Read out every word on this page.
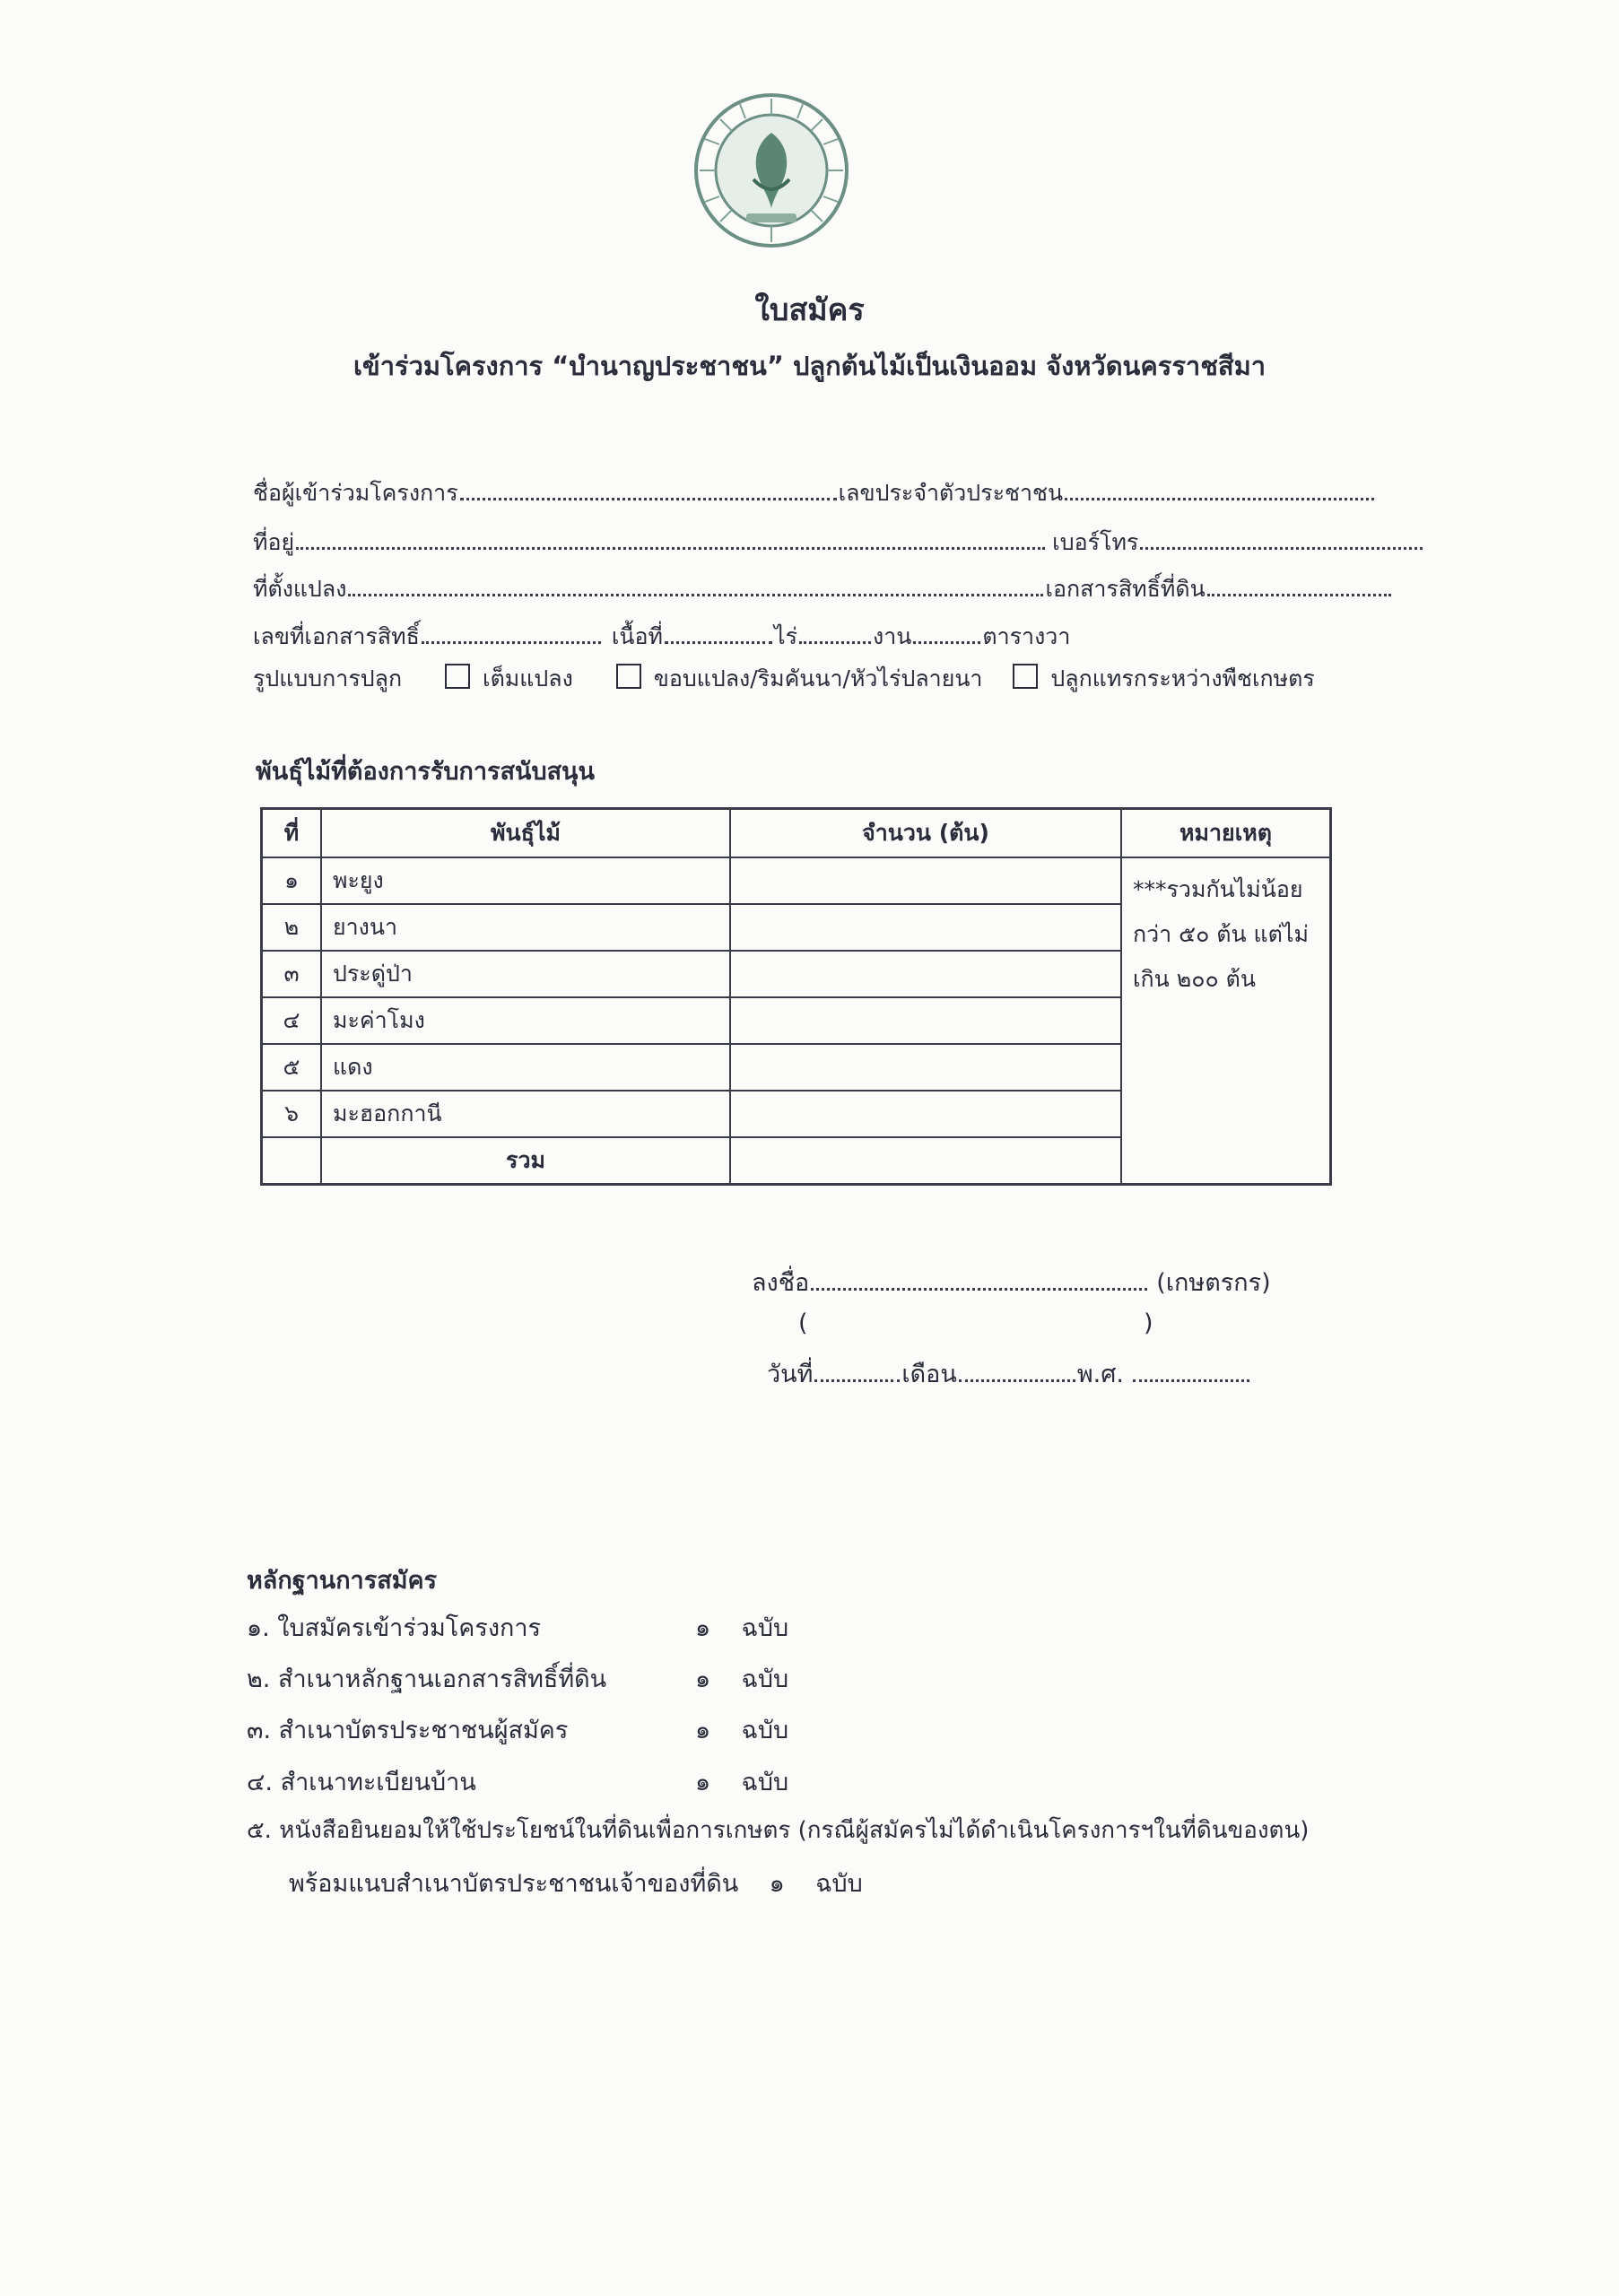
ใบสมัคร
เข้าร่วมโครงการ “บำนาญประชาชน” ปลูกต้นไม้เป็นเงินออม จังหวัดนครราชสีมา
ชื่อผู้เข้าร่วมโครงการ	เลขประจำตัวประชาชน
ที่อยู่	เบอร์โทร
ที่ตั้งแปลง	เอกสารสิทธิ์ที่ดิน
เลขที่เอกสารสิทธิ์	เนื้อที่	ไร่	งาน	ตารางวา
รูปแบบการปลูก	เต็มแปลง	ขอบแปลง/ริมคันนา/หัวไร่ปลายนา	ปลูกแทรกระหว่างพืชเกษตร
พันธุ์ไม้ที่ต้องการรับการสนับสนุน
ที่	พันธุ์ไม้	จำนวน (ต้น)	หมายเหตุ
๑	พะยูง		***รวมกันไม่น้อย
กว่า ๕๐ ต้น แต่ไม่
เกิน ๒๐๐ ต้น

๒	ยางนา		
๓	ประดู่ป่า		
๔	มะค่าโมง		
๕	แดง		
๖	มะฮอกกานี		
	รวม		
ลงชื่อ	(เกษตรกร)
(	)
วันที่	เดือน	พ.ศ.
หลักฐานการสมัคร
๑. ใบสมัครเข้าร่วมโครงการ	๑ ฉบับ
๒. สำเนาหลักฐานเอกสารสิทธิ์ที่ดิน	๑ ฉบับ
๓. สำเนาบัตรประชาชนผู้สมัคร	๑ ฉบับ
๔. สำเนาทะเบียนบ้าน	๑ ฉบับ
๕. หนังสือยินยอมให้ใช้ประโยชน์ในที่ดินเพื่อการเกษตร (กรณีผู้สมัครไม่ได้ดำเนินโครงการฯในที่ดินของตน)
พร้อมแนบสำเนาบัตรประชาชนเจ้าของที่ดิน ๑ ฉบับ
